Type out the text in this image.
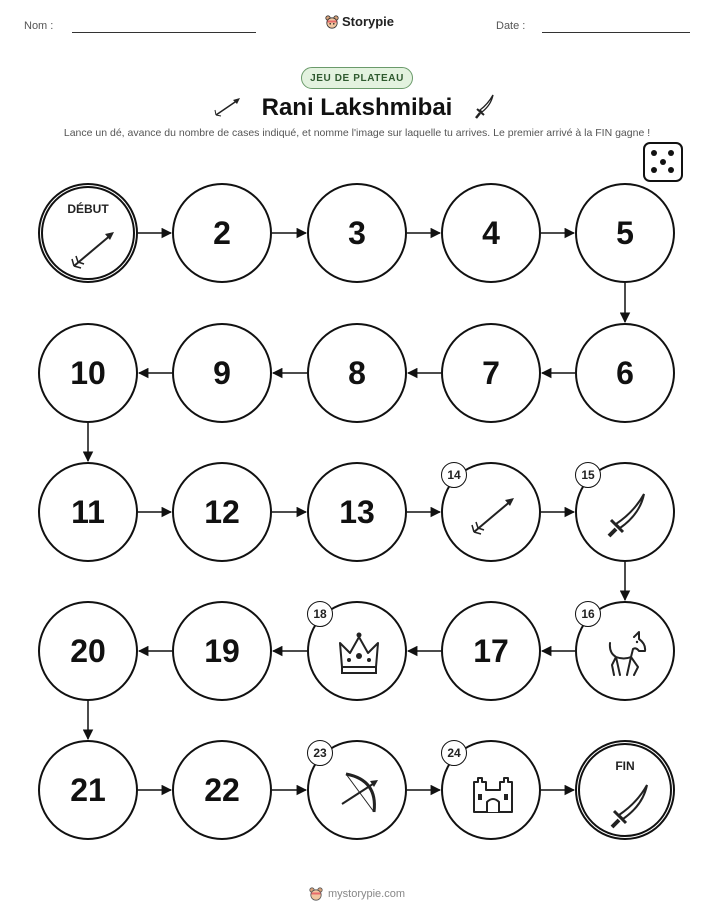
Nom :	Storypie	Date :
JEU DE PLATEAU
Rani Lakshmibai
Lance un dé, avance du nombre de cases indiqué, et nomme l'image sur laquelle tu arrives. Le premier arrivé à la FIN gagne !
DÉBUT
2	3	4	5
6
7
8
9
10
11	12	13
14	15
16
17
18
19
20
21	22
23	24
FIN
mystorypie.com
